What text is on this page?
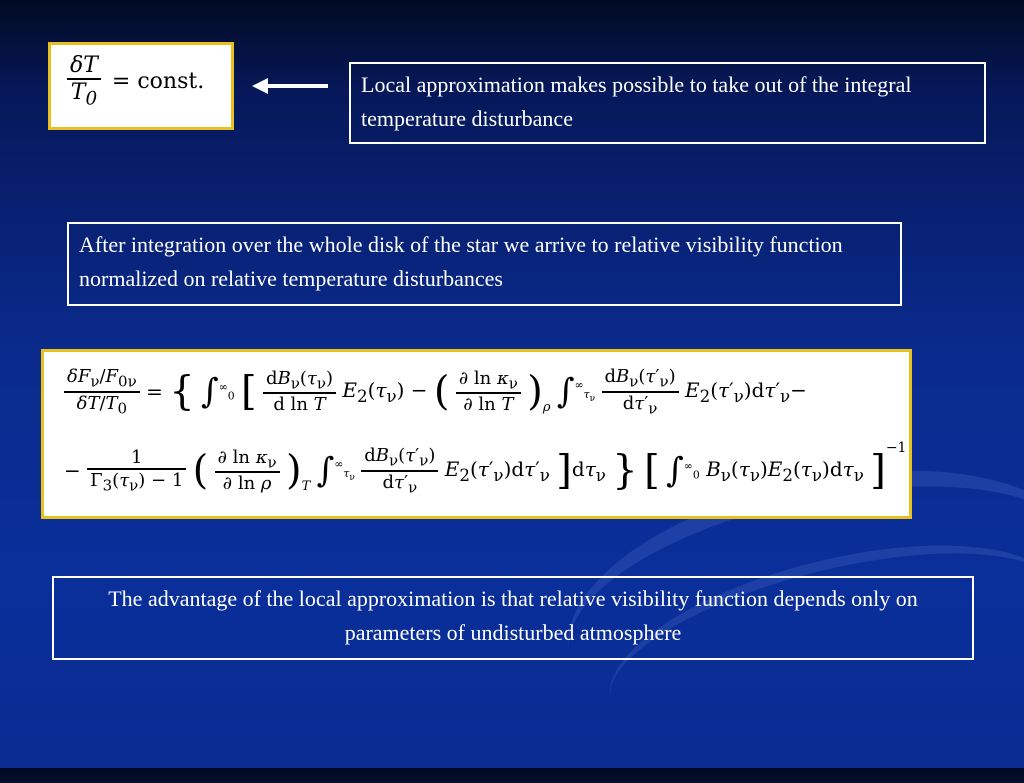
$\frac{\delta T}{T_0}$ = const.	Local approximation makes possible to take out of the integral temperature disturbance
After integration over the whole disk of the star we arrive to relative visibility function normalized on relative temperature disturbances
$\frac{\delta F_\nu/F_{0\nu}}{\delta T/T_0}$ = { $\int^\infty_0$ [ $\frac{dB_\nu(\tau_\nu)}{\text{d ln T}} E_2(\tau_\nu)$ − ( $\frac{\partial \ln \kappa_\nu}{\text{∂ ln T}} )_\rho$ $\int^\infty_{\tau_\nu} \frac{dB_\nu(\tau'_\nu)}{d\tau'_\nu} E_2(\tau'_\nu)d\tau'_\nu-$
− $\frac{1}{\Gamma_3(\tau_\nu) - 1}$ ( $\frac{\partial \ln \kappa_\nu}{\text{∂ ln ρ}} )_T$ $\int^\infty_{\tau_\nu} \frac{dB_\nu(\tau'_\nu)}{d\tau'_\nu} E_2(\tau'_\nu)d\tau'_\nu$ ]$d\tau_\nu$ } [ $\int^\infty_0$ $B_\nu(\tau_\nu)E_2(\tau_\nu)d\tau_\nu$ ]$^{-1}$
The advantage of the local approximation is that relative visibility function depends only on parameters of undisturbed atmosphere
